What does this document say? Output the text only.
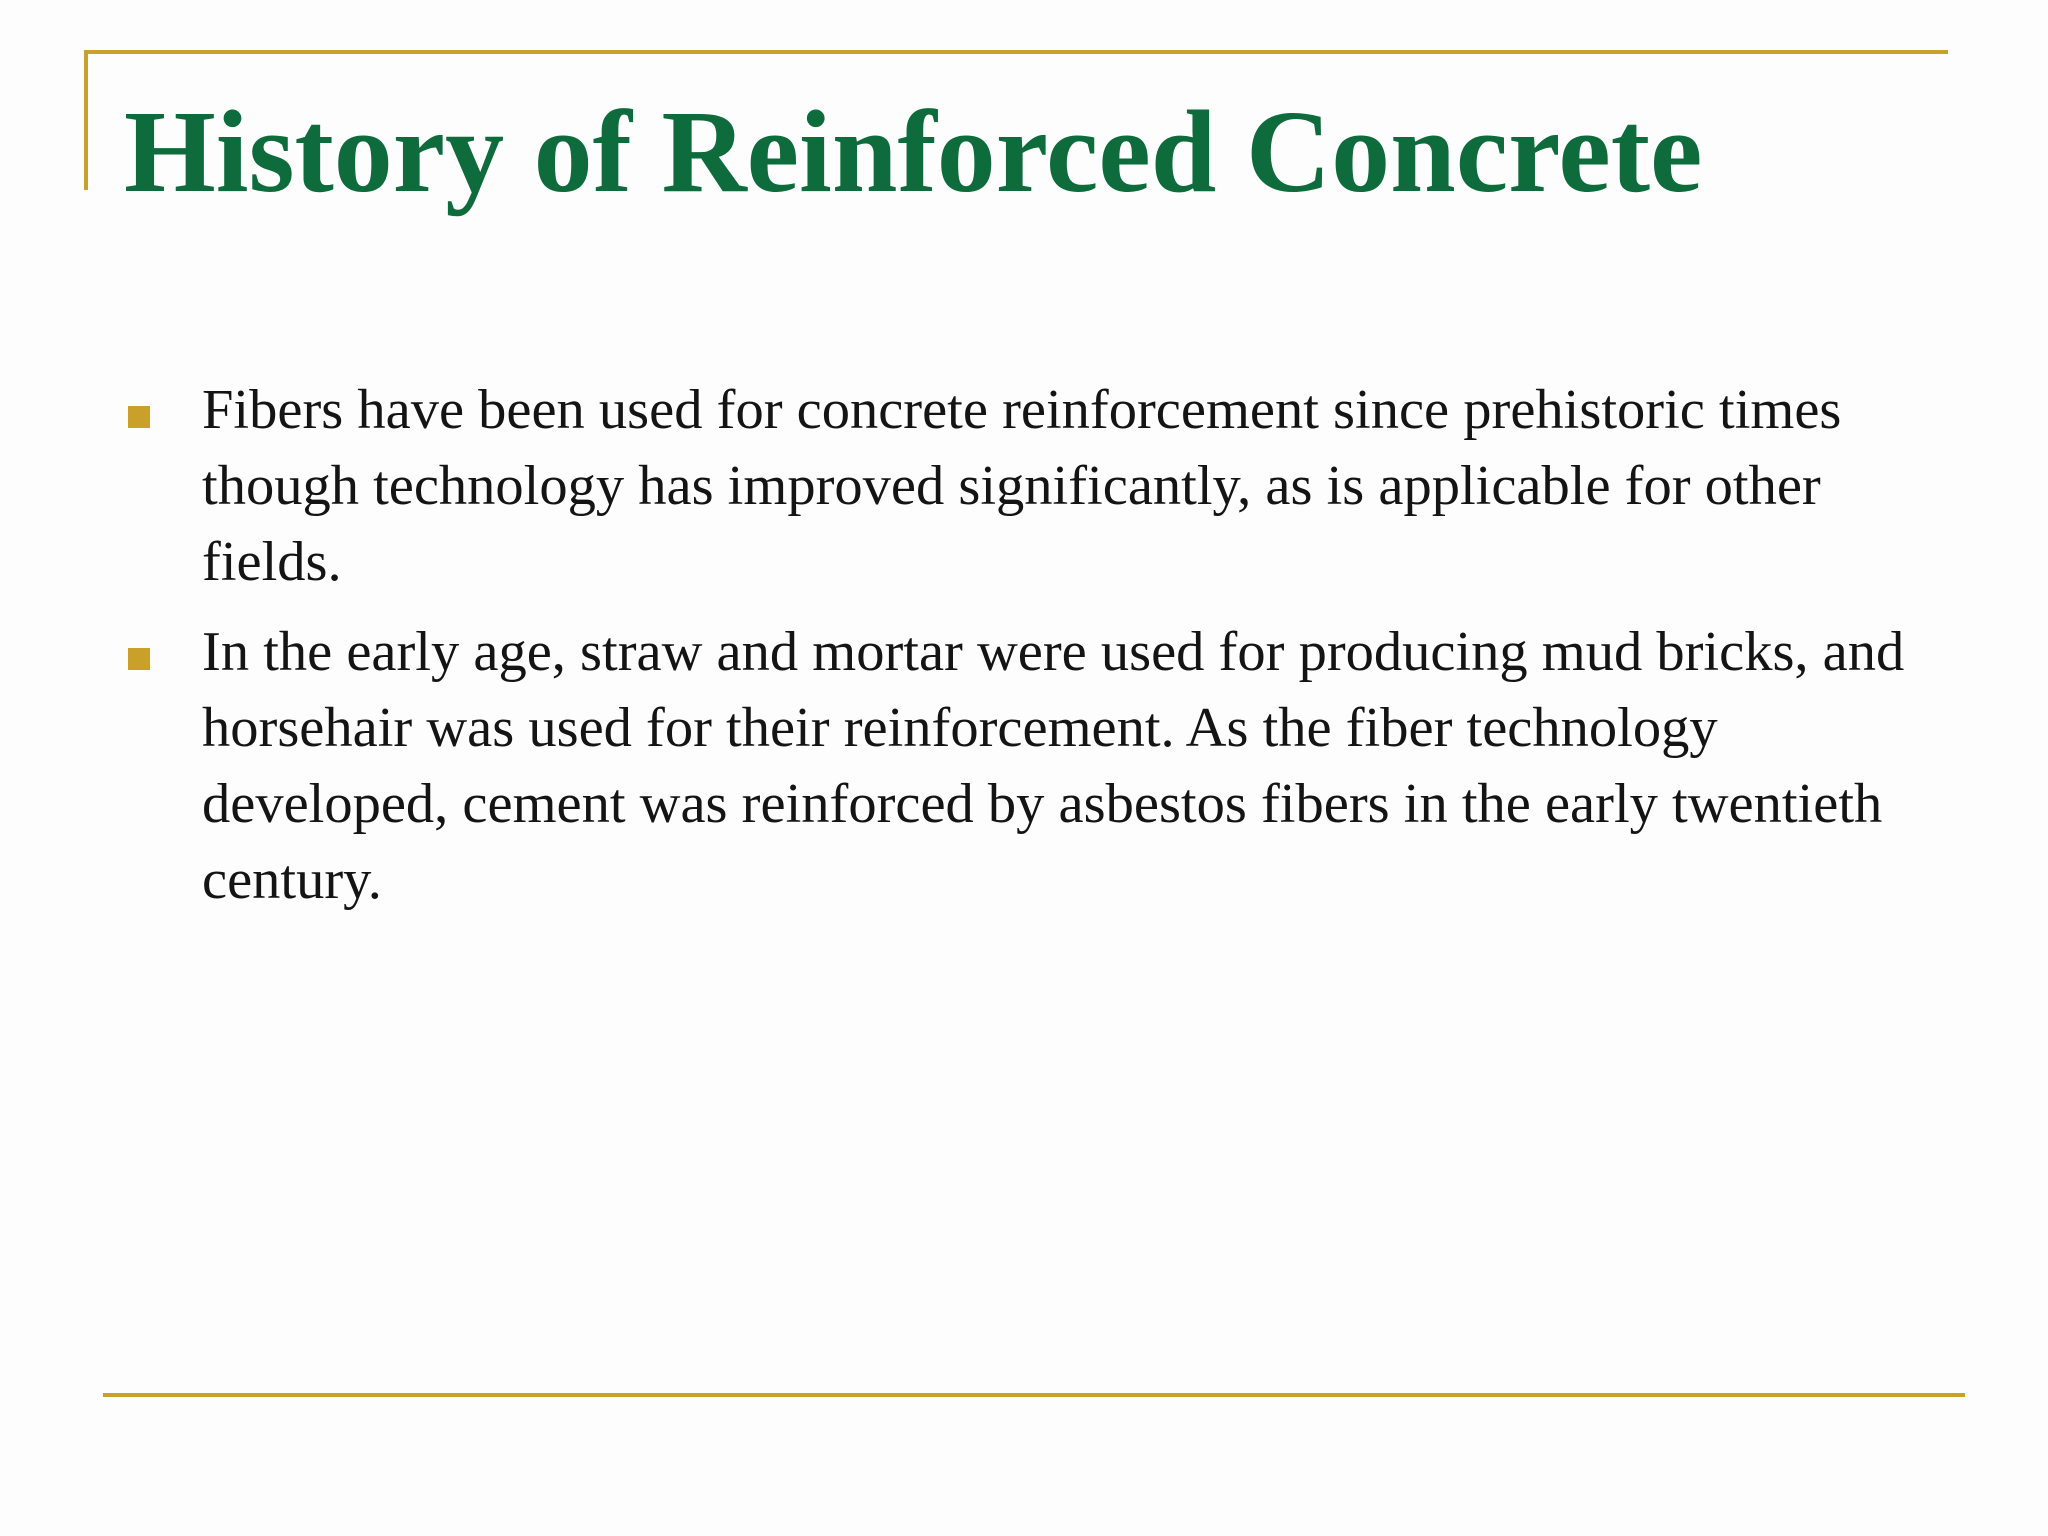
History of Reinforced Concrete
Fibers have been used for concrete reinforcement since prehistoric times though technology has improved significantly, as is applicable for other fields.
In the early age, straw and mortar were used for producing mud bricks, and horsehair was used for their reinforcement. As the fiber technology developed, cement was reinforced by asbestos fibers in the early twentieth century.
